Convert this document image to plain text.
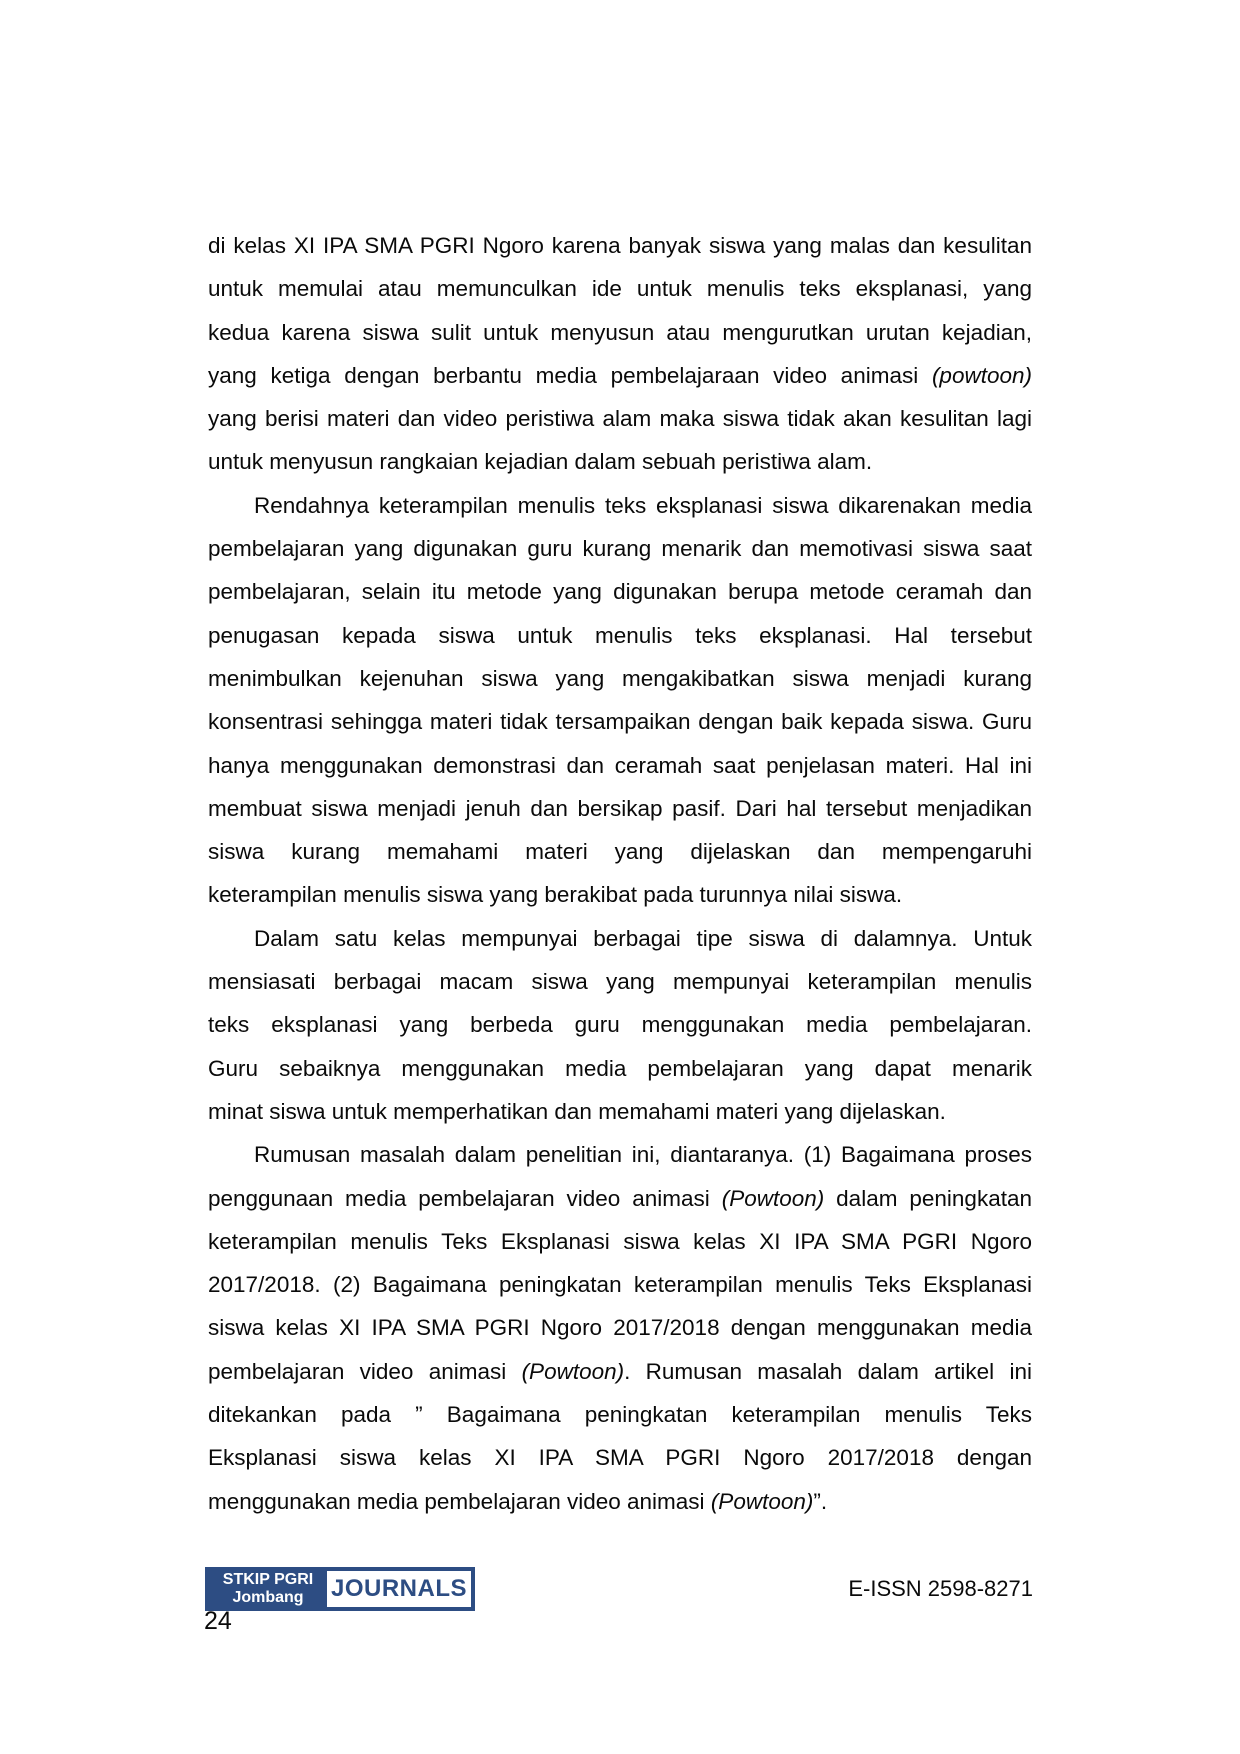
di kelas XI IPA SMA PGRI Ngoro karena banyak siswa yang malas dan kesulitan
untuk memulai atau memunculkan ide untuk menulis teks eksplanasi, yang
kedua karena siswa sulit untuk menyusun atau mengurutkan urutan kejadian,
yang ketiga dengan berbantu media pembelajaraan video animasi (powtoon)
yang berisi materi dan video peristiwa alam maka siswa tidak akan kesulitan lagi
untuk menyusun rangkaian kejadian dalam sebuah peristiwa alam.
Rendahnya keterampilan menulis teks eksplanasi siswa dikarenakan media
pembelajaran yang digunakan guru kurang menarik dan memotivasi siswa saat
pembelajaran, selain itu metode yang digunakan berupa metode ceramah dan
penugasan kepada siswa untuk menulis teks eksplanasi. Hal tersebut
menimbulkan kejenuhan siswa yang mengakibatkan siswa menjadi kurang
konsentrasi sehingga materi tidak tersampaikan dengan baik kepada siswa. Guru
hanya menggunakan demonstrasi dan ceramah saat penjelasan materi. Hal ini
membuat siswa menjadi jenuh dan bersikap pasif. Dari hal tersebut menjadikan
siswa kurang memahami materi yang dijelaskan dan mempengaruhi
keterampilan menulis siswa yang berakibat pada turunnya nilai siswa.
Dalam satu kelas mempunyai berbagai tipe siswa di dalamnya. Untuk
mensiasati berbagai macam siswa yang mempunyai keterampilan menulis
teks eksplanasi yang berbeda guru menggunakan media pembelajaran.
Guru sebaiknya menggunakan media pembelajaran yang dapat menarik
minat siswa untuk memperhatikan dan memahami materi yang dijelaskan.
Rumusan masalah dalam penelitian ini, diantaranya. (1) Bagaimana proses
penggunaan media pembelajaran video animasi (Powtoon) dalam peningkatan
keterampilan menulis Teks Eksplanasi siswa kelas XI IPA SMA PGRI Ngoro
2017/2018. (2) Bagaimana peningkatan keterampilan menulis Teks Eksplanasi
siswa kelas XI IPA SMA PGRI Ngoro 2017/2018 dengan menggunakan media
pembelajaran video animasi (Powtoon). Rumusan masalah dalam artikel ini
ditekankan pada ” Bagaimana peningkatan keterampilan menulis Teks
Eksplanasi siswa kelas XI IPA SMA PGRI Ngoro 2017/2018 dengan
menggunakan media pembelajaran video animasi (Powtoon)”.
STKIP PGRI
Jombang JOURNALS	E-ISSN 2598-8271
24
